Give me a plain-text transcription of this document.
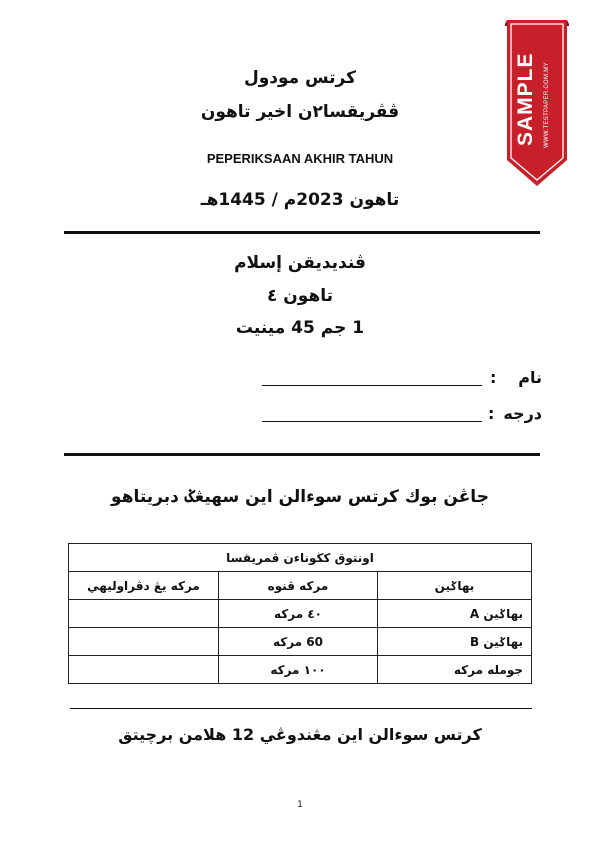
SAMPLE WWW.TESTPAPER.COM.MY
كرتس مودول
ڤڤريقسا٢ن اخير تاهون
PEPERIKSAAN AKHIR TAHUN
تاهون 2023م / 1445هـ
ڤنديديقن إسلام
تاهون ٤
1 جم 45 مينيت
نام
:
درجه
:
جاڠن بوك كرتس سوءالن اين سهيڠݢ دبريتاهو
اونتوق كڬوناءن ڤمريقسا		
بهاݢين	مركه ڤنوه	مركه يڠ دڤراوليهي
بهاݢين A	٤٠ مركه	
بهاݢين B	60 مركه	
جومله مركه	١٠٠ مركه	
كرتس سوءالن اين مڠندوڠي 12 هلامن برچيتق
1
